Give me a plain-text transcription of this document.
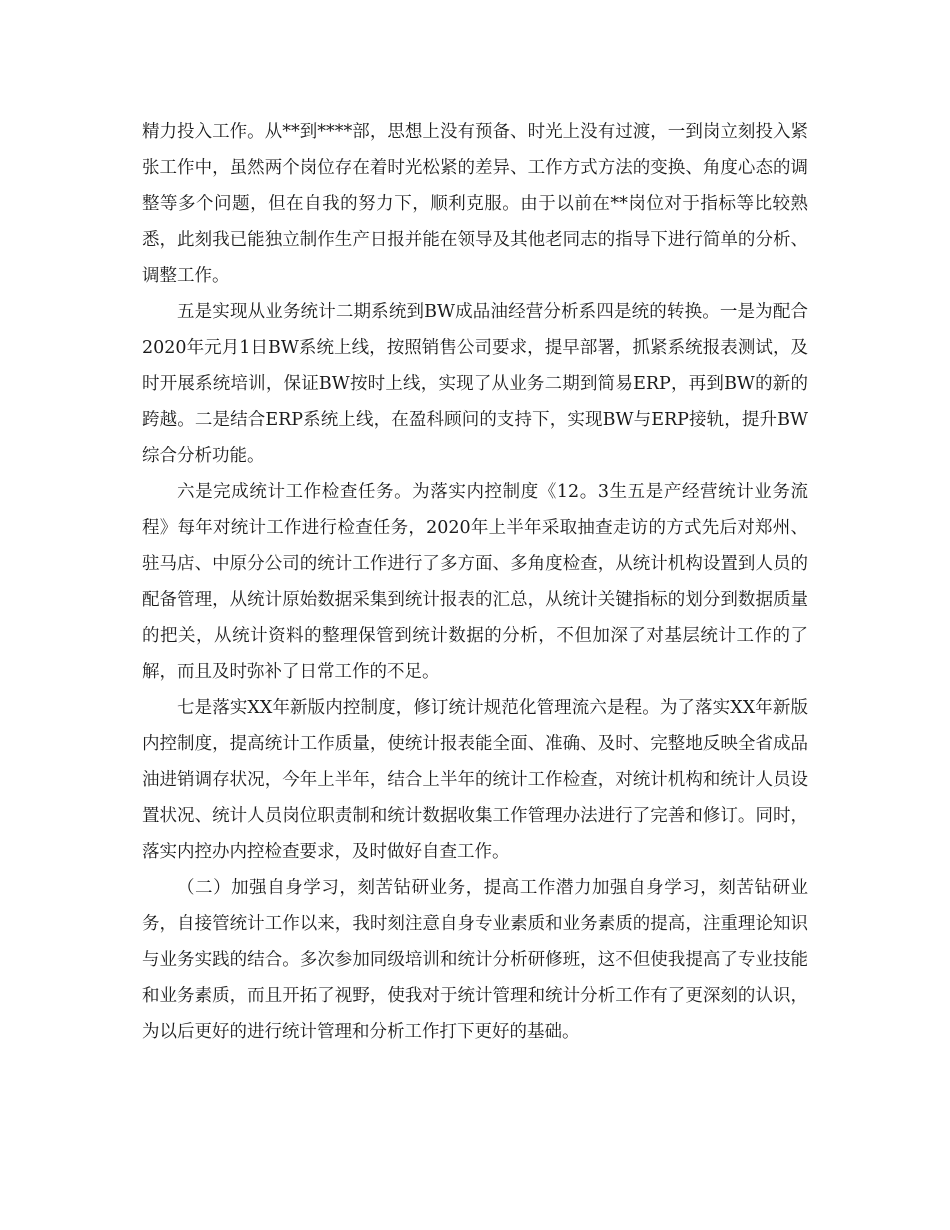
精力投入工作。从**到****部，思想上没有预备、时光上没有过渡，一到岗立刻投入紧张工作中，虽然两个岗位存在着时光松紧的差异、工作方式方法的变换、角度心态的调整等多个问题，但在自我的努力下，顺利克服。由于以前在**岗位对于指标等比较熟悉，此刻我已能独立制作生产日报并能在领导及其他老同志的指导下进行简单的分析、调整工作。

五是实现从业务统计二期系统到BW成品油经营分析系四是统的转换。一是为配合2020年元月1日BW系统上线，按照销售公司要求，提早部署，抓紧系统报表测试，及时开展系统培训，保证BW按时上线，实现了从业务二期到简易ERP，再到BW的新的跨越。二是结合ERP系统上线，在盈科顾问的支持下，实现BW与ERP接轨，提升BW综合分析功能。

六是完成统计工作检查任务。为落实内控制度《12。3生五是产经营统计业务流程》每年对统计工作进行检查任务，2020年上半年采取抽查走访的方式先后对郑州、驻马店、中原分公司的统计工作进行了多方面、多角度检查，从统计机构设置到人员的配备管理，从统计原始数据采集到统计报表的汇总，从统计关键指标的划分到数据质量的把关，从统计资料的整理保管到统计数据的分析，不但加深了对基层统计工作的了解，而且及时弥补了日常工作的不足。

七是落实XX年新版内控制度，修订统计规范化管理流六是程。为了落实XX年新版内控制度，提高统计工作质量，使统计报表能全面、准确、及时、完整地反映全省成品油进销调存状况，今年上半年，结合上半年的统计工作检查，对统计机构和统计人员设置状况、统计人员岗位职责制和统计数据收集工作管理办法进行了完善和修订。同时，落实内控办内控检查要求，及时做好自查工作。

（二）加强自身学习，刻苦钻研业务，提高工作潜力加强自身学习，刻苦钻研业务，自接管统计工作以来，我时刻注意自身专业素质和业务素质的提高，注重理论知识与业务实践的结合。多次参加同级培训和统计分析研修班，这不但使我提高了专业技能和业务素质，而且开拓了视野，使我对于统计管理和统计分析工作有了更深刻的认识，为以后更好的进行统计管理和分析工作打下更好的基础。
